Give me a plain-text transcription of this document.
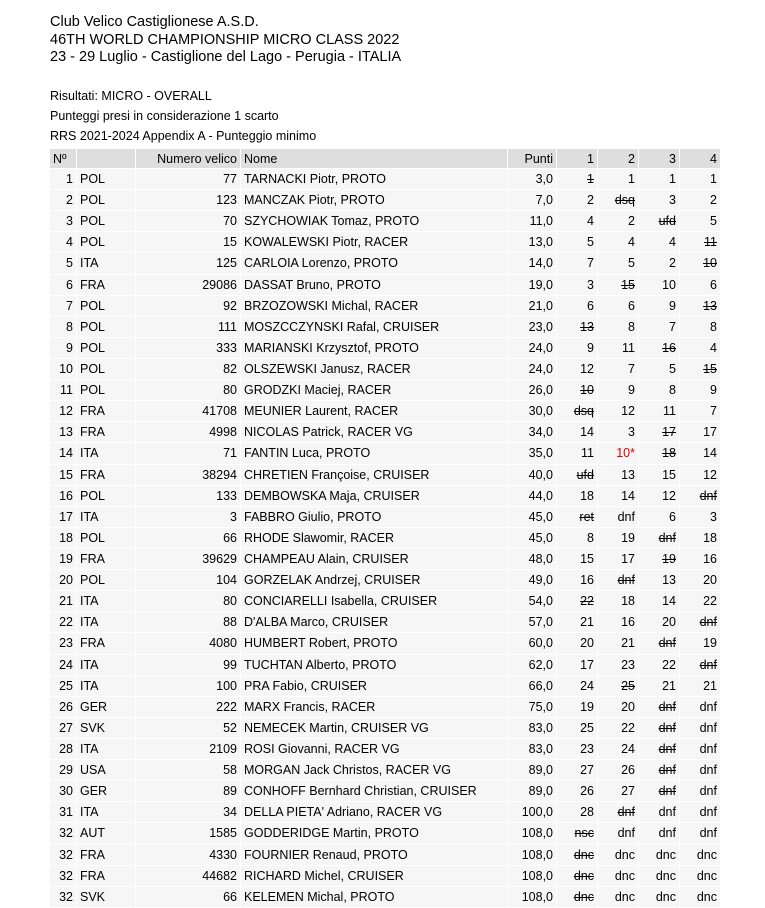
Club Velico Castiglionese A.S.D.
46TH WORLD CHAMPIONSHIP MICRO CLASS 2022
23 - 29 Luglio - Castiglione del Lago - Perugia - ITALIA
Risultati: MICRO - OVERALL
Punteggi presi in considerazione 1 scarto
RRS 2021-2024 Appendix A - Punteggio minimo
Nº		Numero velico	Nome	Punti	1	2	3	4
1	POL	77	TARNACKI Piotr, PROTO	3,0	1	1	1	1
2	POL	123	MANCZAK Piotr, PROTO	7,0	2	dsq	3	2
3	POL	70	SZYCHOWIAK Tomaz, PROTO	11,0	4	2	ufd	5
4	POL	15	KOWALEWSKI Piotr, RACER	13,0	5	4	4	11
5	ITA	125	CARLOIA Lorenzo, PROTO	14,0	7	5	2	10
6	FRA	29086	DASSAT Bruno, PROTO	19,0	3	15	10	6
7	POL	92	BRZOZOWSKI Michal, RACER	21,0	6	6	9	13
8	POL	111	MOSZCCZYNSKI Rafal, CRUISER	23,0	13	8	7	8
9	POL	333	MARIANSKI Krzysztof, PROTO	24,0	9	11	16	4
10	POL	82	OLSZEWSKI Janusz, RACER	24,0	12	7	5	15
11	POL	80	GRODZKI Maciej, RACER	26,0	10	9	8	9
12	FRA	41708	MEUNIER Laurent, RACER	30,0	dsq	12	11	7
13	FRA	4998	NICOLAS Patrick, RACER VG	34,0	14	3	17	17
14	ITA	71	FANTIN Luca, PROTO	35,0	11	10*	18	14
15	FRA	38294	CHRETIEN Françoise, CRUISER	40,0	ufd	13	15	12
16	POL	133	DEMBOWSKA Maja, CRUISER	44,0	18	14	12	dnf
17	ITA	3	FABBRO Giulio, PROTO	45,0	ret	dnf	6	3
18	POL	66	RHODE Slawomir, RACER	45,0	8	19	dnf	18
19	FRA	39629	CHAMPEAU Alain, CRUISER	48,0	15	17	19	16
20	POL	104	GORZELAK Andrzej, CRUISER	49,0	16	dnf	13	20
21	ITA	80	CONCIARELLI Isabella, CRUISER	54,0	22	18	14	22
22	ITA	88	D'ALBA Marco, CRUISER	57,0	21	16	20	dnf
23	FRA	4080	HUMBERT Robert, PROTO	60,0	20	21	dnf	19
24	ITA	99	TUCHTAN Alberto, PROTO	62,0	17	23	22	dnf
25	ITA	100	PRA Fabio, CRUISER	66,0	24	25	21	21
26	GER	222	MARX Francis, RACER	75,0	19	20	dnf	dnf
27	SVK	52	NEMECEK Martin, CRUISER VG	83,0	25	22	dnf	dnf
28	ITA	2109	ROSI Giovanni, RACER VG	83,0	23	24	dnf	dnf
29	USA	58	MORGAN Jack Christos, RACER VG	89,0	27	26	dnf	dnf
30	GER	89	CONHOFF Bernhard Christian, CRUISER	89,0	26	27	dnf	dnf
31	ITA	34	DELLA PIETA' Adriano, RACER VG	100,0	28	dnf	dnf	dnf
32	AUT	1585	GODDERIDGE Martin, PROTO	108,0	nsc	dnf	dnf	dnf
32	FRA	4330	FOURNIER Renaud, PROTO	108,0	dnc	dnc	dnc	dnc
32	FRA	44682	RICHARD Michel, CRUISER	108,0	dnc	dnc	dnc	dnc
32	SVK	66	KELEMEN Michal, PROTO	108,0	dnc	dnc	dnc	dnc
